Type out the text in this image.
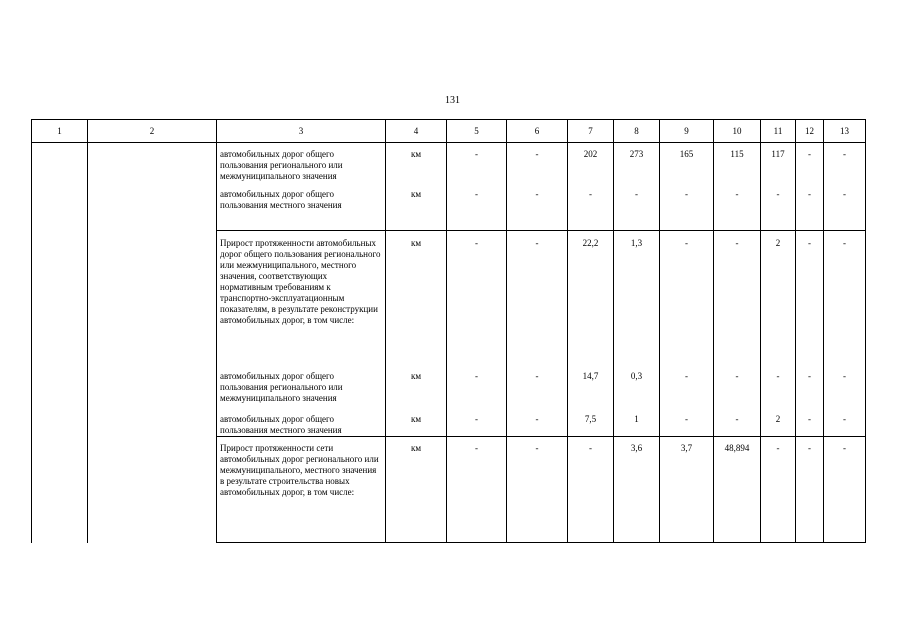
131
1	2	3	4	5	6	7	8	9	10	11	12	13
		автомобильных дорог общего пользования регионального или межмуниципального значения	км	-	-	202	273	165	115	117	-	-
		автомобильных дорог общего пользования местного значения	км	-	-	-	-	-	-	-	-	-
		Прирост протяженности автомобильных дорог общего пользования регионального или межмуниципального, местного значения, соответствующих нормативным требованиям к транспортно-эксплуатационным показателям, в результате реконструкции автомобильных дорог, в том числе:	км	-	-	22,2	1,3	-	-	2	-	-
		автомобильных дорог общего пользования регионального или межмуниципального значения	км	-	-	14,7	0,3	-	-	-	-	-
		автомобильных дорог общего пользования местного значения	км	-	-	7,5	1	-	-	2	-	-
		Прирост протяженности сети автомобильных дорог регионального или межмуниципального, местного значения в результате строительства новых автомобильных дорог, в том числе:	км	-	-	-	3,6	3,7	48,894	-	-	-
